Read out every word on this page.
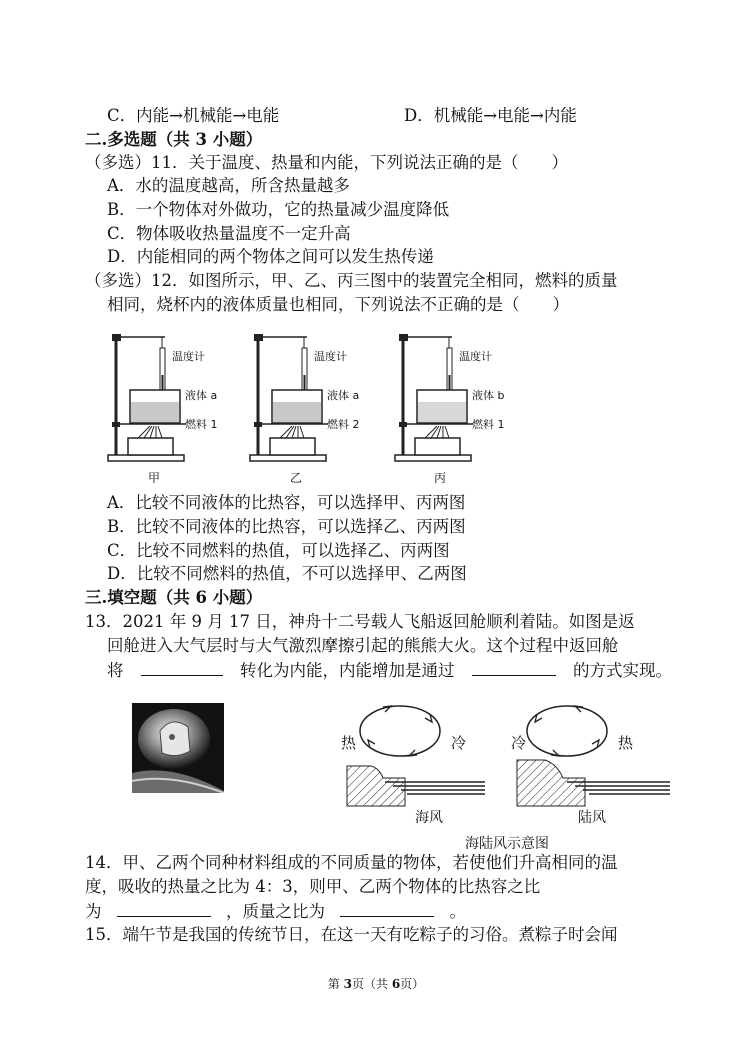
C．内能→机械能→电能	D．机械能→电能→内能
二.多选题（共 3 小题）
（多选）11．关于温度、热量和内能，下列说法正确的是（　　）
A．水的温度越高，所含热量越多
B．一个物体对外做功，它的热量减少温度降低
C．物体吸收热量温度不一定升高
D．内能相同的两个物体之间可以发生热传递
（多选）12．如图所示，甲、乙、丙三图中的装置完全相同，燃料的质量
相同，烧杯内的液体质量也相同，下列说法不正确的是（　　）
温度计
液体 a
燃料 1
甲
温度计
液体 a
燃料 2
乙
温度计
液体 b
燃料 1
丙
A．比较不同液体的比热容，可以选择甲、丙两图
B．比较不同液体的比热容，可以选择乙、丙两图
C．比较不同燃料的热值，可以选择乙、丙两图
D．比较不同燃料的热值，不可以选择甲、乙两图
三.填空题（共 6 小题）
13．2021 年 9 月 17 日，神舟十二号载人飞船返回舱顺利着陆。如图是返
回舱进入大气层时与大气激烈摩擦引起的熊熊大火。这个过程中返回舱
将	转化为内能，内能增加是通过	的方式实现。
热	冷
海风
冷	热
陆风
海陆风示意图
14．甲、乙两个同种材料组成的不同质量的物体，若使他们升高相同的温
度，吸收的热量之比为 4：3，则甲、乙两个物体的比热容之比
为	，质量之比为	。
15．端午节是我国的传统节日，在这一天有吃粽子的习俗。煮粽子时会闻
第 3页（共 6页）
